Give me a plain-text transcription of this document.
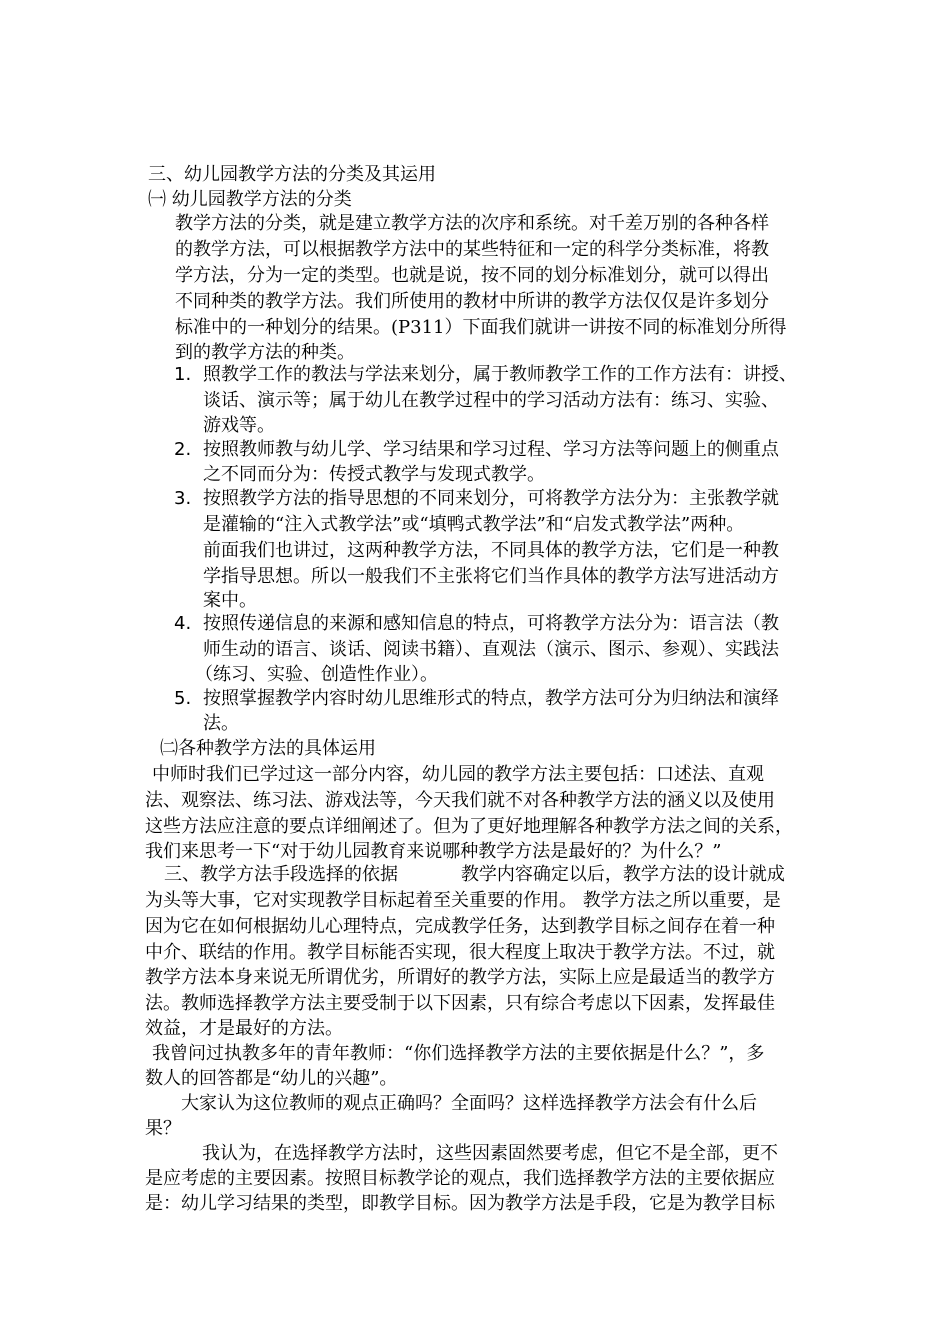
三、幼儿园教学方法的分类及其运用
㈠ 幼儿园教学方法的分类
教学方法的分类，就是建立教学方法的次序和系统。对千差万别的各种各样
的教学方法，可以根据教学方法中的某些特征和一定的科学分类标准，将教
学方法，分为一定的类型。也就是说，按不同的划分标准划分，就可以得出
不同种类的教学方法。我们所使用的教材中所讲的教学方法仅仅是许多划分
标准中的一种划分的结果。(P311）下面我们就讲一讲按不同的标准划分所得
到的教学方法的种类。
1. 照教学工作的教法与学法来划分，属于教师教学工作的工作方法有：讲授、
谈话、演示等；属于幼儿在教学过程中的学习活动方法有：练习、实验、
游戏等。
2. 按照教师教与幼儿学、学习结果和学习过程、学习方法等问题上的侧重点
之不同而分为：传授式教学与发现式教学。
3. 按照教学方法的指导思想的不同来划分，可将教学方法分为：主张教学就
是灌输的“注入式教学法”或“填鸭式教学法”和“启发式教学法”两种。
前面我们也讲过，这两种教学方法，不同具体的教学方法，它们是一种教
学指导思想。所以一般我们不主张将它们当作具体的教学方法写进活动方
案中。
4. 按照传递信息的来源和感知信息的特点，可将教学方法分为：语言法（教
师生动的语言、谈话、阅读书籍）、直观法（演示、图示、参观）、实践法
（练习、实验、创造性作业）。
5. 按照掌握教学内容时幼儿思维形式的特点，教学方法可分为归纳法和演绎
法。
㈡各种教学方法的具体运用
中师时我们已学过这一部分内容，幼儿园的教学方法主要包括：口述法、直观
法、观察法、练习法、游戏法等，今天我们就不对各种教学方法的涵义以及使用
这些方法应注意的要点详细阐述了。但为了更好地理解各种教学方法之间的关系，
我们来思考一下“对于幼儿园教育来说哪种教学方法是最好的？为什么？”
三、教学方法手段选择的依据           教学内容确定以后，教学方法的设计就成
为头等大事，它对实现教学目标起着至关重要的作用。 教学方法之所以重要，是
因为它在如何根据幼儿心理特点，完成教学任务，达到教学目标之间存在着一种
中介、联结的作用。教学目标能否实现，很大程度上取决于教学方法。不过，就
教学方法本身来说无所谓优劣，所谓好的教学方法，实际上应是最适当的教学方
法。教师选择教学方法主要受制于以下因素，只有综合考虑以下因素，发挥最佳
效益，才是最好的方法。
我曾问过执教多年的青年教师：“你们选择教学方法的主要依据是什么？”，多
数人的回答都是“幼儿的兴趣”。
大家认为这位教师的观点正确吗？全面吗？这样选择教学方法会有什么后
果？
我认为，在选择教学方法时，这些因素固然要考虑，但它不是全部，更不
是应考虑的主要因素。按照目标教学论的观点，我们选择教学方法的主要依据应
是：幼儿学习结果的类型，即教学目标。因为教学方法是手段，它是为教学目标
